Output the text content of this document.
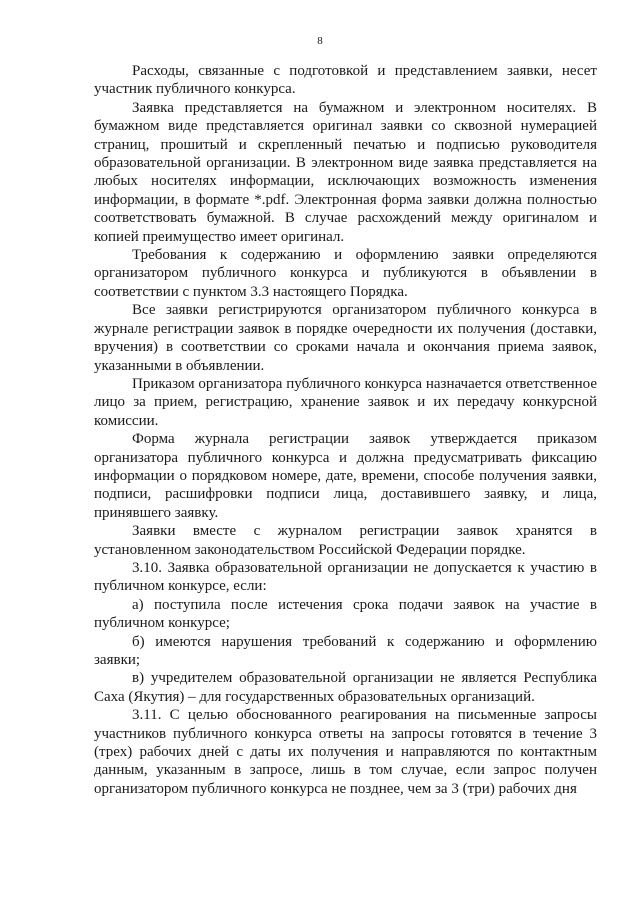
8

Расходы, связанные с подготовкой и представлением заявки, несет участник публичного конкурса.

Заявка представляется на бумажном и электронном носителях. В бумажном виде представляется оригинал заявки со сквозной нумерацией страниц, прошитый и скрепленный печатью и подписью руководителя образовательной организации. В электронном виде заявка представляется на любых носителях информации, исключающих возможность изменения информации, в формате *.pdf. Электронная форма заявки должна полностью соответствовать бумажной. В случае расхождений между оригиналом и копией преимущество имеет оригинал.

Требования к содержанию и оформлению заявки определяются организатором публичного конкурса и публикуются в объявлении в соответствии с пунктом 3.3 настоящего Порядка.

Все заявки регистрируются организатором публичного конкурса в журнале регистрации заявок в порядке очередности их получения (доставки, вручения) в соответствии со сроками начала и окончания приема заявок, указанными в объявлении.

Приказом организатора публичного конкурса назначается ответственное лицо за прием, регистрацию, хранение заявок и их передачу конкурсной комиссии.

Форма журнала регистрации заявок утверждается приказом организатора публичного конкурса и должна предусматривать фиксацию информации о порядковом номере, дате, времени, способе получения заявки, подписи, расшифровки подписи лица, доставившего заявку, и лица, принявшего заявку.

Заявки вместе с журналом регистрации заявок хранятся в установленном законодательством Российской Федерации порядке.

3.10. Заявка образовательной организации не допускается к участию в публичном конкурсе, если:

а) поступила после истечения срока подачи заявок на участие в публичном конкурсе;

б) имеются нарушения требований к содержанию и оформлению заявки;

в) учредителем образовательной организации не является Республика Саха (Якутия) – для государственных образовательных организаций.

3.11. С целью обоснованного реагирования на письменные запросы участников публичного конкурса ответы на запросы готовятся в течение 3 (трех) рабочих дней с даты их получения и направляются по контактным данным, указанным в запросе, лишь в том случае, если запрос получен организатором публичного конкурса не позднее, чем за 3 (три) рабочих дня
